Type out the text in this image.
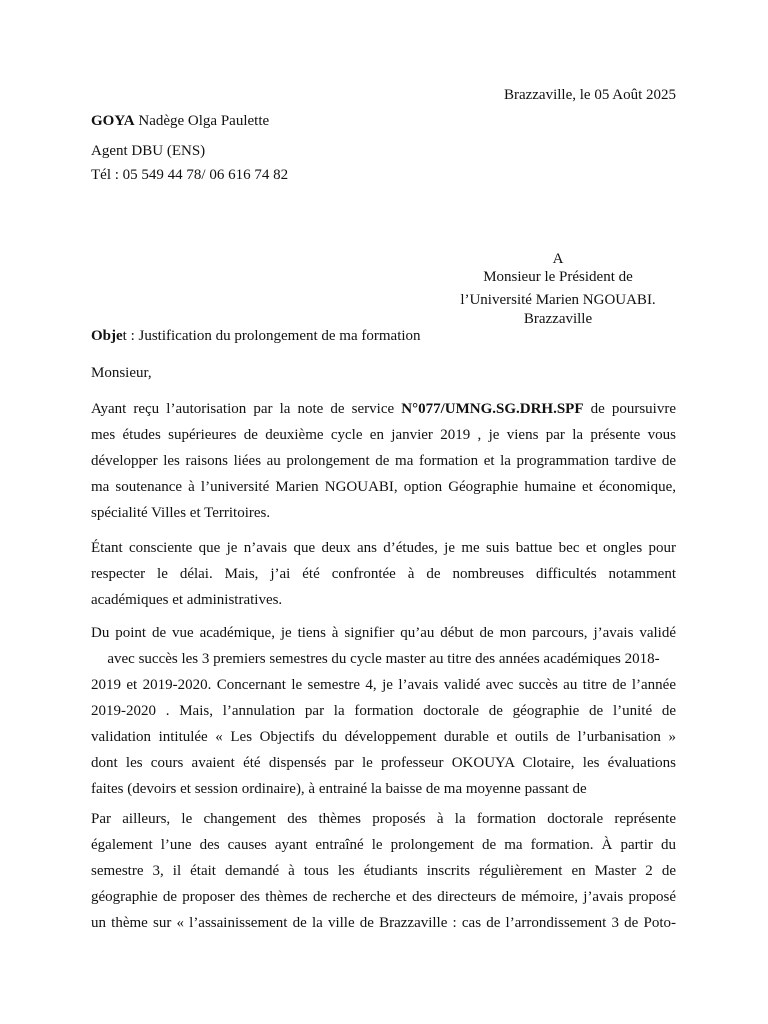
Brazzaville, le 05 Août 2025
GOYA Nadège Olga Paulette
Agent DBU (ENS)
Tél : 05 549 44 78/ 06 616 74 82
A
Monsieur le Président de
l’Université Marien NGOUABI.
Brazzaville
Objet : Justification du prolongement de ma formation
Monsieur,
Ayant reçu l’autorisation par la note de service N°077/UMNG.SG.DRH.SPF de poursuivre
mes études supérieures de deuxième cycle en janvier 2019 , je viens par la présente vous
développer les raisons liées au prolongement de ma formation et la programmation tardive de
ma soutenance à l’université Marien NGOUABI, option Géographie humaine et économique,
spécialité Villes et Territoires.
Étant consciente que je n’avais que deux ans d’études, je me suis battue bec et ongles pour
respecter le délai. Mais, j’ai été confrontée à de nombreuses difficultés notamment
académiques et administratives.
Du point de vue académique, je tiens à signifier qu’au début de mon parcours, j’avais validé
avec succès les 3 premiers semestres du cycle master au titre des années académiques 2018-
2019 et 2019-2020. Concernant le semestre 4, je l’avais validé avec succès au titre de l’année
2019-2020 . Mais, l’annulation par la formation doctorale de géographie de l’unité de
validation intitulée « Les Objectifs du développement durable et outils de l’urbanisation »
dont les cours avaient été dispensés par le professeur OKOUYA Clotaire, les évaluations
faites (devoirs et session ordinaire), à entrainé la baisse de ma moyenne passant de
Par ailleurs, le changement des thèmes proposés à la formation doctorale représente
également l’une des causes ayant entraîné le prolongement de ma formation. À partir du
semestre 3, il était demandé à tous les étudiants inscrits régulièrement en Master 2 de
géographie de proposer des thèmes de recherche et des directeurs de mémoire, j’avais proposé
un thème sur « l’assainissement de la ville de Brazzaville : cas de l’arrondissement 3 de Poto-
